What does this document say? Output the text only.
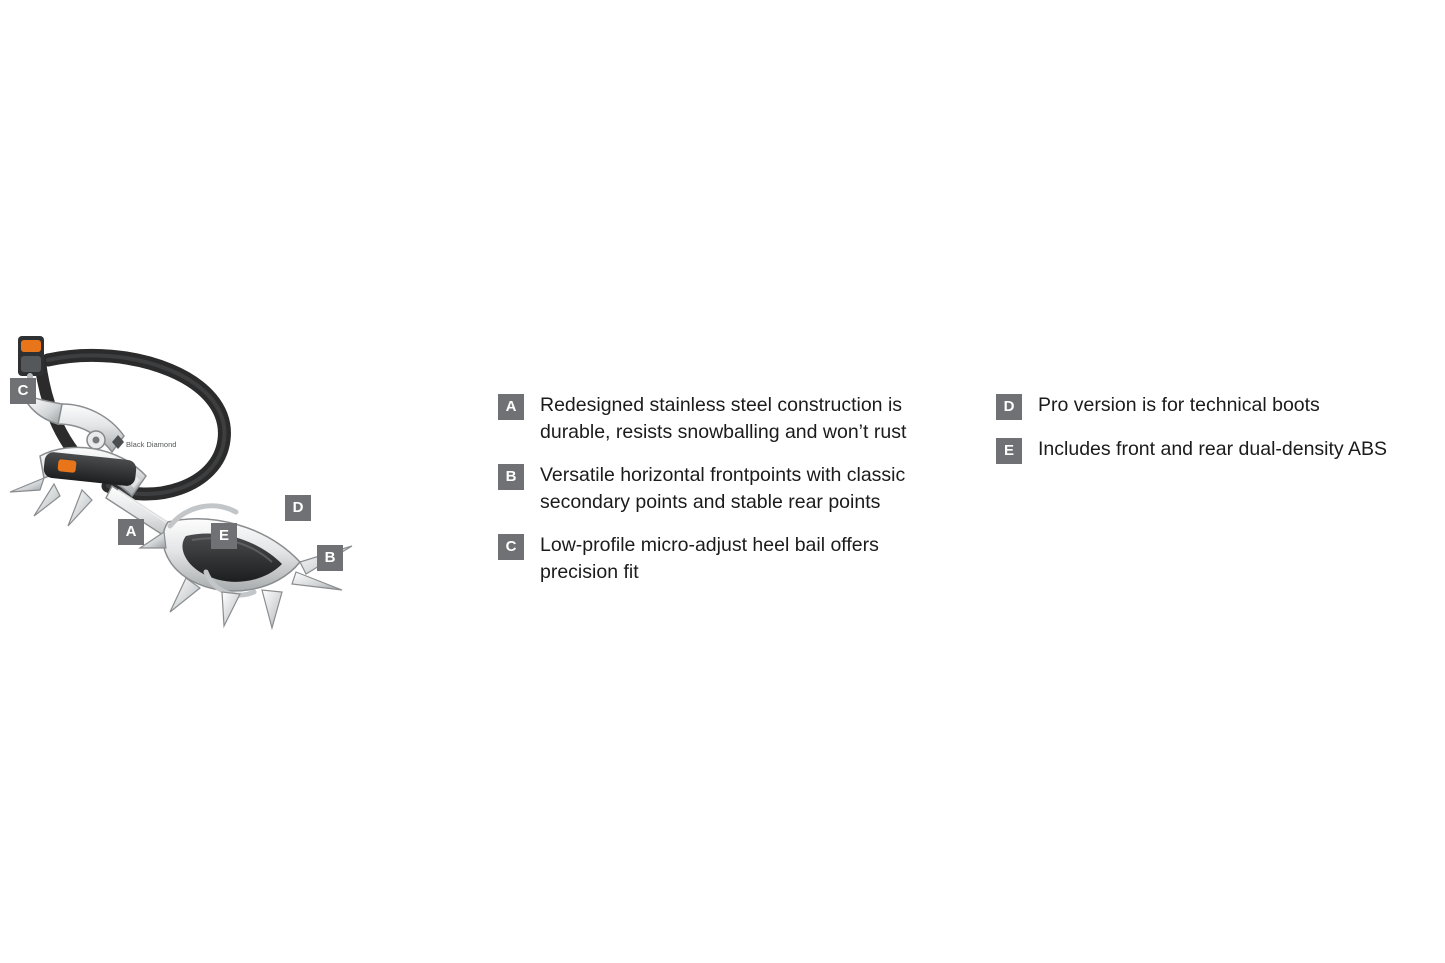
Black Diamond
C
A	E
D
B
A	Redesigned stainless steel construction is durable, resists snowballing and won’t rust
B	Versatile horizontal frontpoints with classic secondary points and stable rear points
C	Low-profile micro-adjust heel bail offers precision fit
D	Pro version is for technical boots
E	Includes front and rear dual-density ABS
